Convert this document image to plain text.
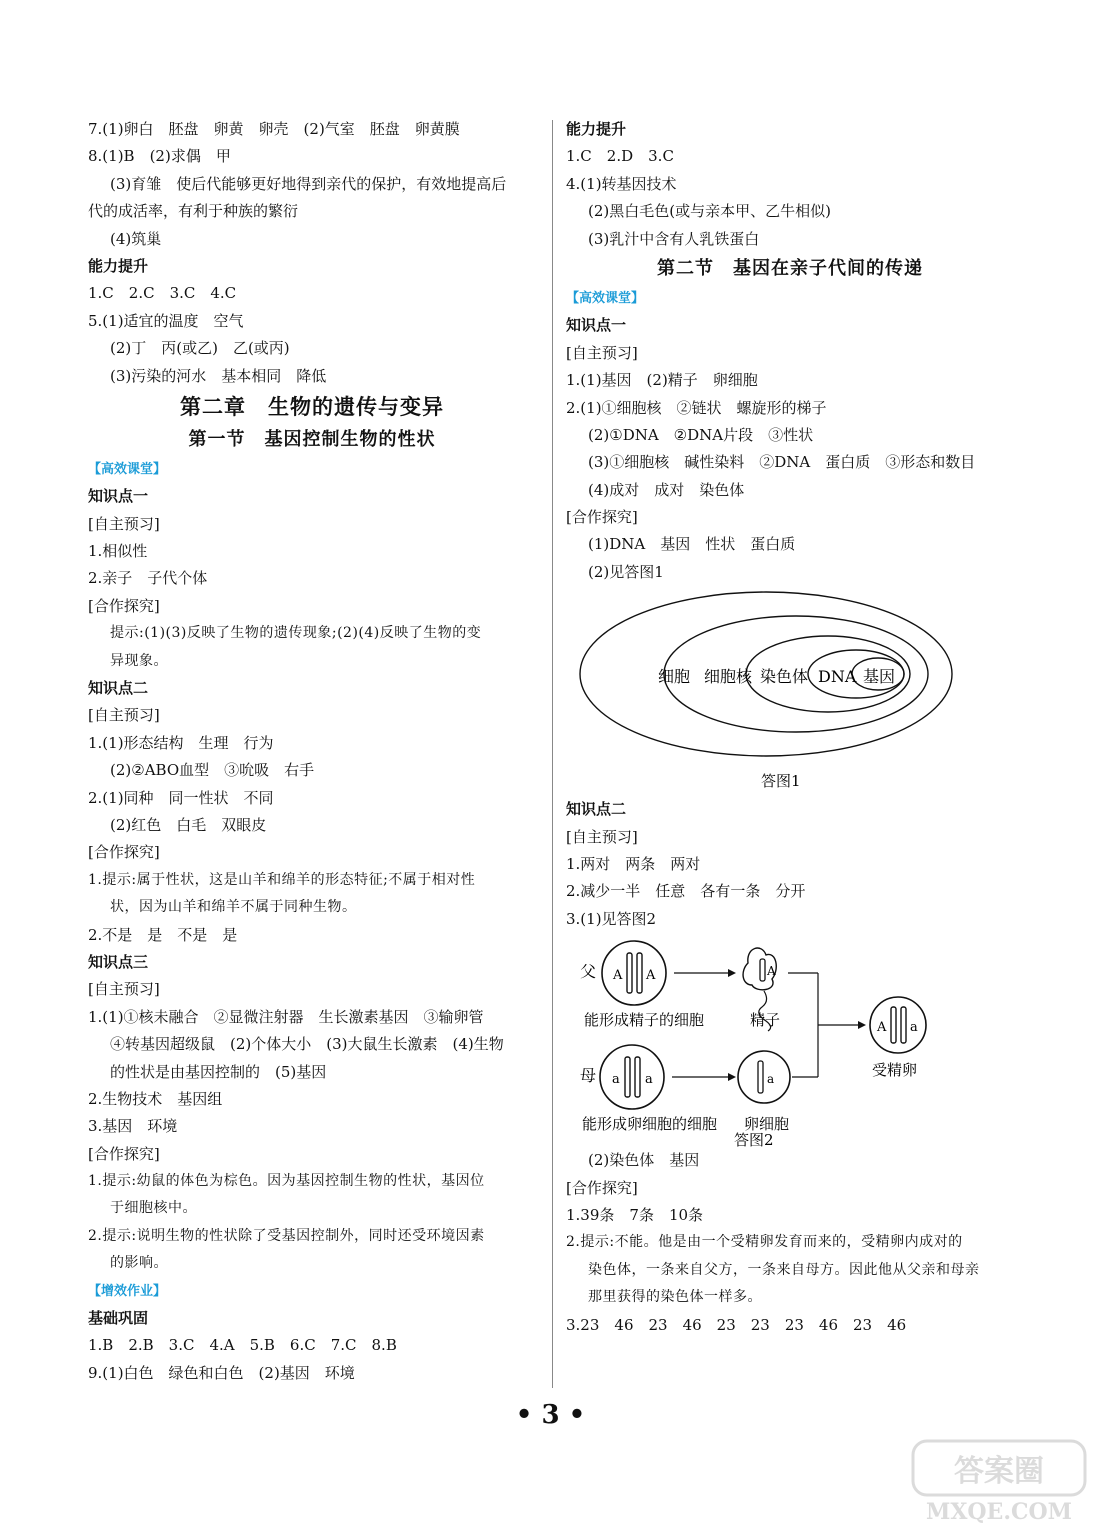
7.(1)卵白　胚盘　卵黄　卵壳　(2)气室　胚盘　卵黄膜
8.(1)B　(2)求偶　甲
(3)育雏　使后代能够更好地得到亲代的保护，有效地提高后
代的成活率，有利于种族的繁衍
(4)筑巢
能力提升
1.C　2.C　3.C　4.C
5.(1)适宜的温度　空气
(2)丁　丙(或乙)　乙(或丙)
(3)污染的河水　基本相同　降低
第二章　生物的遗传与变异
第一节　基因控制生物的性状
【高效课堂】
知识点一
[自主预习]
1.相似性
2.亲子　子代个体
[合作探究]
提示:(1)(3)反映了生物的遗传现象;(2)(4)反映了生物的变
异现象。
知识点二
[自主预习]
1.(1)形态结构　生理　行为
(2)②ABO血型　③吮吸　右手
2.(1)同种　同一性状　不同
(2)红色　白毛　双眼皮
[合作探究]
1.提示:属于性状，这是山羊和绵羊的形态特征;不属于相对性
状，因为山羊和绵羊不属于同种生物。
2.不是　是　不是　是
知识点三
[自主预习]
1.(1)①核未融合　②显微注射器　生长激素基因　③输卵管
④转基因超级鼠　(2)个体大小　(3)大鼠生长激素　(4)生物
的性状是由基因控制的　(5)基因
2.生物技术　基因组
3.基因　环境
[合作探究]
1.提示:幼鼠的体色为棕色。因为基因控制生物的性状，基因位
于细胞核中。
2.提示:说明生物的性状除了受基因控制外，同时还受环境因素
的影响。
【增效作业】
基础巩固
1.B　2.B　3.C　4.A　5.B　6.C　7.C　8.B
9.(1)白色　绿色和白色　(2)基因　环境
能力提升
1.C　2.D　3.C
4.(1)转基因技术
(2)黑白毛色(或与亲本甲、乙牛相似)
(3)乳汁中含有人乳铁蛋白
第二节　基因在亲子代间的传递
【高效课堂】
知识点一
[自主预习]
1.(1)基因　(2)精子　卵细胞
2.(1)①细胞核　②链状　螺旋形的梯子
(2)①DNA　②DNA片段　③性状
(3)①细胞核　碱性染料　②DNA　蛋白质　③形态和数目
(4)成对　成对　染色体
[合作探究]
(1)DNA　基因　性状　蛋白质
(2)见答图1
细胞 细胞核 染色体 DNA 基因
答图1
知识点二
[自主预习]
1.两对　两条　两对
2.减少一半　任意　各有一条　分开
3.(1)见答图2
父 A A
能形成精子的细胞
A
精子
母 a a
能形成卵细胞的细胞
a
卵细胞
A a
受精卵
答图2
(2)染色体　基因
[合作探究]
1.39条　7条　10条
2.提示:不能。他是由一个受精卵发育而来的，受精卵内成对的
染色体，一条来自父方，一条来自母方。因此他从父亲和母亲
那里获得的染色体一样多。
3.23　46　23　46　23　23　23　46　23　46
• 3 •
答案圈
MXQE.COM
